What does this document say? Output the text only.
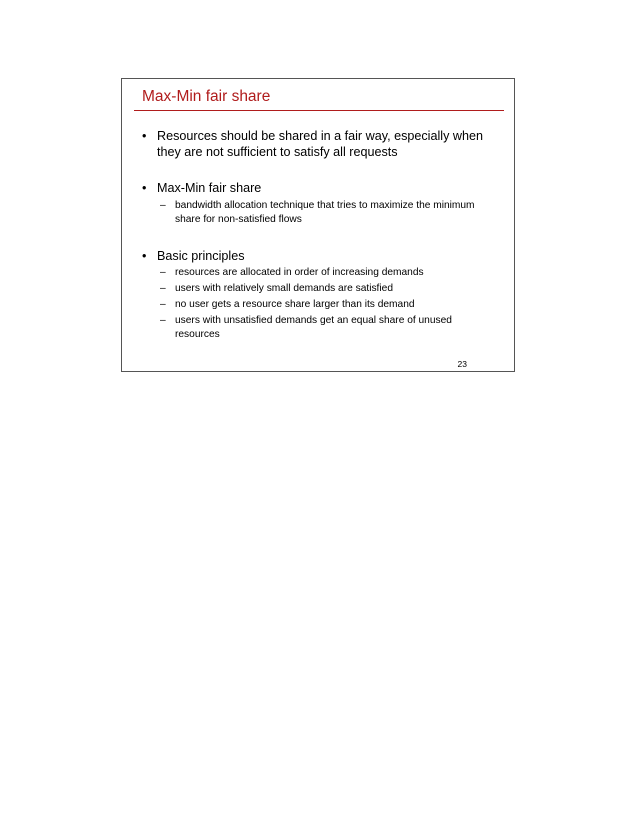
Max-Min fair share
• Resources should be shared in a fair way, especially when they are not sufficient to satisfy all requests
• Max-Min fair share
– bandwidth allocation technique that tries to maximize the minimum share for non-satisfied flows
• Basic principles
– resources are allocated in order of increasing demands
– users with relatively small demands are satisfied
– no user gets a resource share larger than its demand
– users with unsatisfied demands get an equal share of unused resources
23
